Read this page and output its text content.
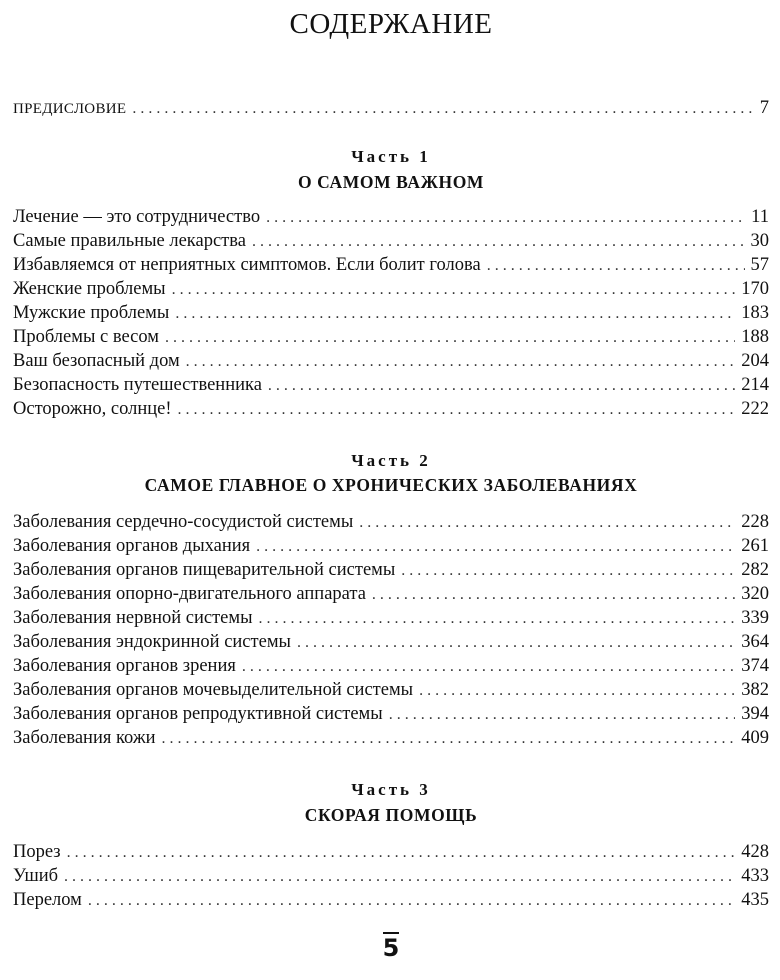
СОДЕРЖАНИЕ
ПРЕДИСЛОВИЕ . . .	7
Часть 1
О САМОМ ВАЖНОМ
Лечение — это сотрудничество . . .	11
Самые правильные лекарства . . .	30
Избавляемся от неприятных симптомов. Если болит голова . . .	57
Женские проблемы . . .	170
Мужские проблемы . . .	183
Проблемы с весом . . .	188
Ваш безопасный дом . . .	204
Безопасность путешественника . . .	214
Осторожно, солнце! . . .	222
Часть 2
САМОЕ ГЛАВНОЕ О ХРОНИЧЕСКИХ ЗАБОЛЕВАНИЯХ
Заболевания сердечно-сосудистой системы . . .	228
Заболевания органов дыхания . . .	261
Заболевания органов пищеварительной системы . . .	282
Заболевания опорно-двигательного аппарата . . .	320
Заболевания нервной системы . . .	339
Заболевания эндокринной системы . . .	364
Заболевания органов зрения . . .	374
Заболевания органов мочевыделительной системы . . .	382
Заболевания органов репродуктивной системы . . .	394
Заболевания кожи . . .	409
Часть 3
СКОРАЯ ПОМОЩЬ
Порез . . .	428
Ушиб . . .	433
Перелом . . .	435
5
